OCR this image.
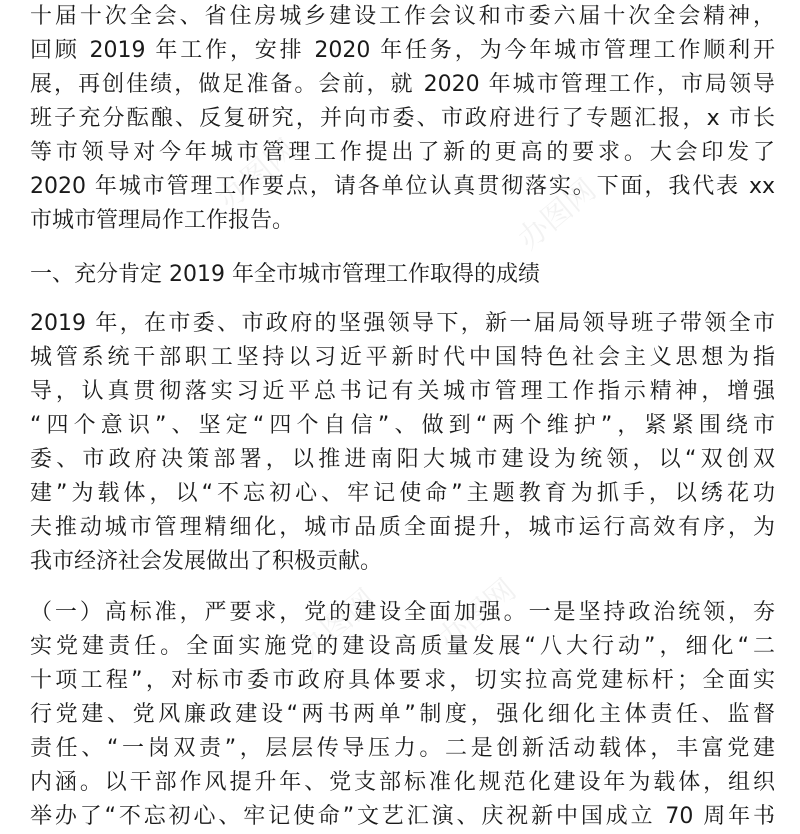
办图网	办图网
办图网 办图网
十届十次全会、省住房城乡建设工作会议和市委六届十次全会精神，
回顾 2019 年工作，安排 2020 年任务，为今年城市管理工作顺利开
展，再创佳绩，做足准备。会前，就 2020 年城市管理工作，市局领导
班子充分酝酿、反复研究，并向市委、市政府进行了专题汇报，x 市长
等市领导对今年城市管理工作提出了新的更高的要求。大会印发了
2020 年城市管理工作要点，请各单位认真贯彻落实。下面，我代表 xx
市城市管理局作工作报告。
一、充分肯定 2019 年全市城市管理工作取得的成绩
2019 年，在市委、市政府的坚强领导下，新一届局领导班子带领全市
城管系统干部职工坚持以习近平新时代中国特色社会主义思想为指
导，认真贯彻落实习近平总书记有关城市管理工作指示精神，增强
“四个意识”、坚定“四个自信”、做到“两个维护”，紧紧围绕市
委、市政府决策部署，以推进南阳大城市建设为统领，以“双创双
建”为载体，以“不忘初心、牢记使命”主题教育为抓手，以绣花功
夫推动城市管理精细化，城市品质全面提升，城市运行高效有序，为
我市经济社会发展做出了积极贡献。
（一）高标准，严要求，党的建设全面加强。一是坚持政治统领，夯
实党建责任。全面实施党的建设高质量发展“八大行动”，细化“二
十项工程”，对标市委市政府具体要求，切实拉高党建标杆；全面实
行党建、党风廉政建设“两书两单”制度，强化细化主体责任、监督
责任、“一岗双责”，层层传导压力。二是创新活动载体，丰富党建
内涵。以干部作风提升年、党支部标准化规范化建设年为载体，组织
举办了“不忘初心、牢记使命”文艺汇演、庆祝新中国成立 70 周年书
